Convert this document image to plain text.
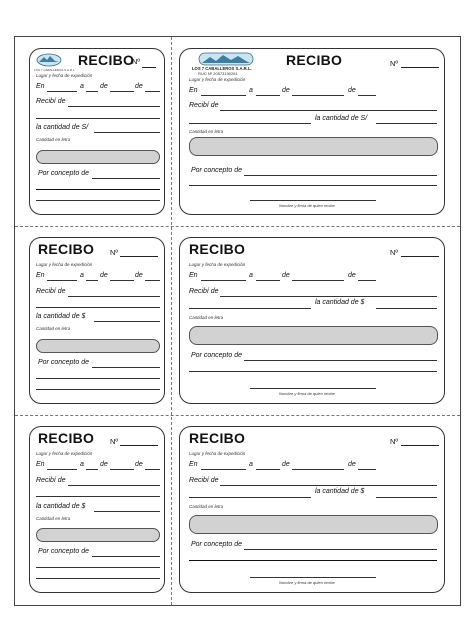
LOS 7 CABALLEROS S.A.R.L.
RECIBO
Nº
Lugar y fecha de expedición
En	a de	de
Recibí de
la cantidad de S/
Cantidad en letra
Por concepto de
LOS 7 CABALLEROS S.A.R.L.
RUC Nº 20573190261
RECIBO	Nº
Lugar y fecha de expedición
En	a	de	de
Recibí de
la cantidad de S/
Cantidad en letra
Por concepto de
Nombre y firma de quien recibe
RECIBO Nº
Lugar y fecha de expedición
En	a de	de
Recibí de
la cantidad de $
Cantidad en letra
Por concepto de
RECIBO	Nº
Lugar y fecha de expedición
En	a	de	de
Recibí de
la cantidad de $
Cantidad en letra
Por concepto de
Nombre y firma de quien recibe
RECIBO Nº
Lugar y fecha de expedición
En	a de	de
Recibí de
la cantidad de $
Cantidad en letra
Por concepto de
RECIBO	Nº
Lugar y fecha de expedición
En	a	de	de
Recibí de
la cantidad de $
Cantidad en letra
Por concepto de
Nombre y firma de quien recibe
